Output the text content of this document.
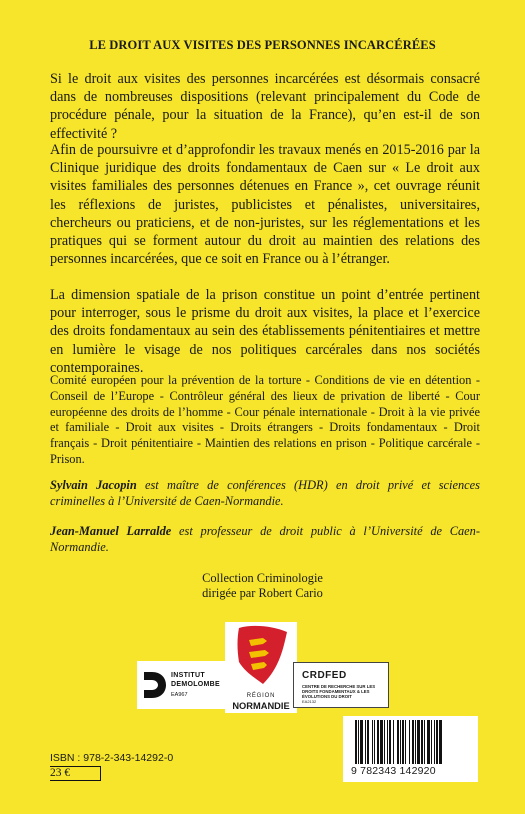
LE DROIT AUX VISITES DES PERSONNES INCARCÉRÉES

Si le droit aux visites des personnes incarcérées est désormais consacré dans de nombreuses dispositions (relevant principalement du Code de procédure pénale, pour la situation de la France), qu’en est-il de son effectivité ?

Afin de poursuivre et d’approfondir les travaux menés en 2015-2016 par la Clinique juridique des droits fondamentaux de Caen sur « Le droit aux visites familiales des personnes détenues en France », cet ouvrage réunit les réflexions de juristes, publicistes et pénalistes, universitaires, chercheurs ou praticiens, et de non-juristes, sur les réglementations et les pratiques qui se forment autour du droit au maintien des relations des personnes incarcérées, que ce soit en France ou à l’étranger.

La dimension spatiale de la prison constitue un point d’entrée pertinent pour interroger, sous le prisme du droit aux visites, la place et l’exercice des droits fondamentaux au sein des établissements pénitentiaires et mettre en lumière le visage de nos politiques carcérales dans nos sociétés contemporaines.

Comité européen pour la prévention de la torture - Conditions de vie en détention - Conseil de l’Europe - Contrôleur général des lieux de privation de liberté - Cour européenne des droits de l’homme - Cour pénale internationale - Droit à la vie privée et familiale - Droit aux visites - Droits étrangers - Droits fondamentaux - Droit français - Droit pénitentiaire - Maintien des relations en prison - Politique carcérale - Prison.

Sylvain Jacopin est maître de conférences (HDR) en droit privé et sciences criminelles à l’Université de Caen-Normandie.

Jean-Manuel Larralde est professeur de droit public à l’Université de Caen-Normandie.

Collection Criminologie
dirigée par Robert Cario
INSTITUT
DEMOLOMBE
EA967	RÉGION
NORMANDIE
CRDFED
CENTRE DE RECHERCHE SUR LES DROITS FONDAMENTAUX & LES ÉVOLUTIONS DU DROIT
EA2132
9 782343 142920
ISBN : 978-2-343-14292-0
23 €
